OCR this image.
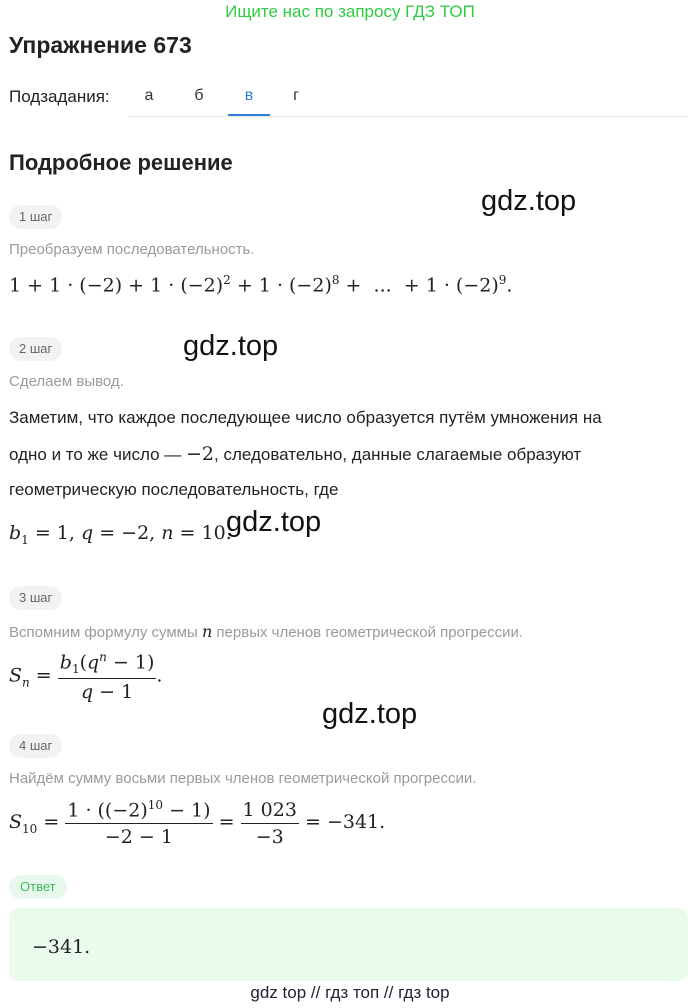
Ищите нас по запросу ГДЗ ТОП
Упражнение 673
Подзадания:	а	б	в	г
Подробное решение
gdz.top
gdz.top
gdz.top
gdz.top
1 шаг
Преобразуем последовательность.
$1 + 1 \cdot (-2) + 1 \cdot (-2)^2 + 1 \cdot (-2)^8$ +  ...  + $1 \cdot (-2)^9$.
2 шаг
Сделаем вывод.
Заметим, что каждое последующее число образуется путём умножения на
одно и то же число — −2, следовательно, данные слагаемые образуют
геометрическую последовательность, где
$b_1 = 1$, q = −2, n = 10.
3 шаг
Вспомним формулу суммы n первых членов геометрической прогрессии.
$S_n = \frac{b_1(q^n - 1)}{q - 1}$ .
4 шаг
Найдём сумму восьми первых членов геометрической прогрессии.
$S_{10} = \frac{1 \cdot ((-2)^{10} - 1)}{-2 - 1} = \frac{1 023}{-3} = -341$.
Ответ
−341.
gdz top // гдз топ // гдз top
